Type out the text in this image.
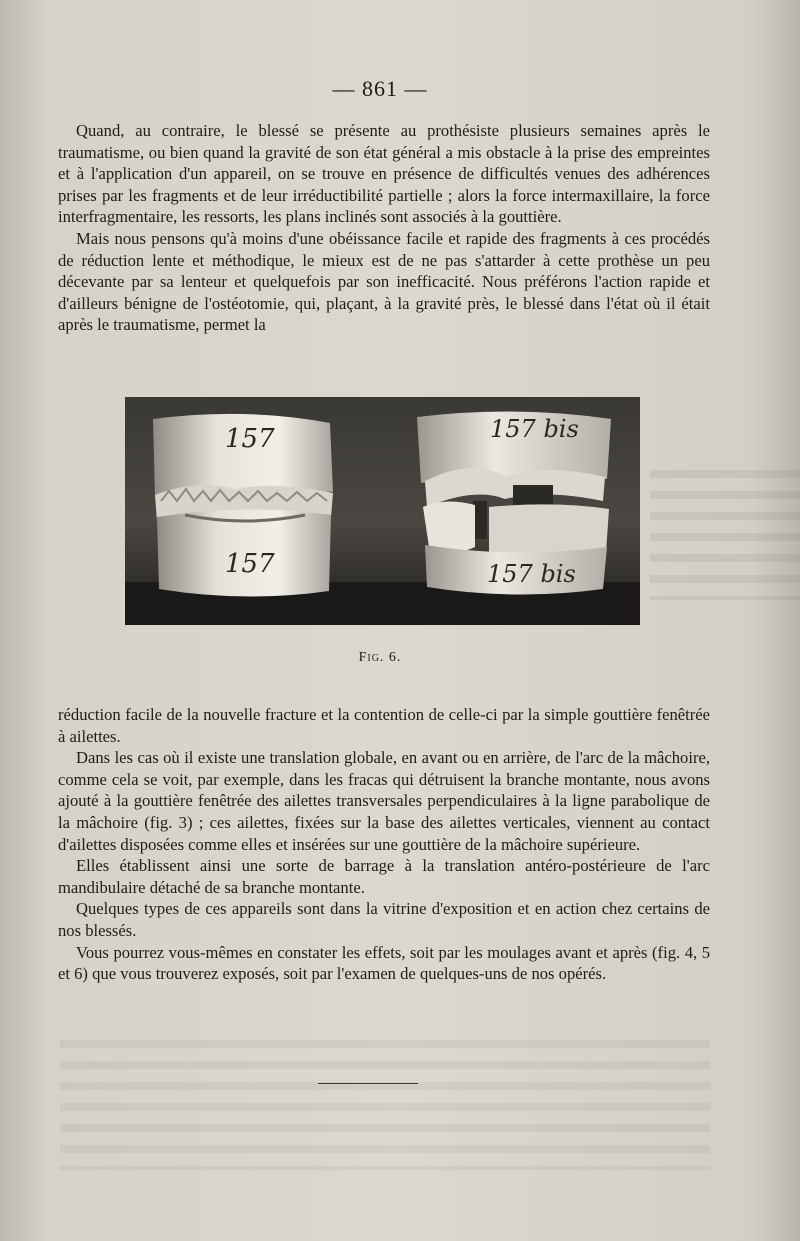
— 861 —

Quand, au contraire, le blessé se présente au prothésiste plusieurs semaines après le traumatisme, ou bien quand la gravité de son état général a mis obstacle à la prise des empreintes et à l'application d'un appareil, on se trouve en présence de difficultés venues des adhérences prises par les fragments et de leur irréductibilité partielle ; alors la force intermaxillaire, la force interfragmentaire, les ressorts, les plans inclinés sont associés à la gouttière.

Mais nous pensons qu'à moins d'une obéissance facile et rapide des fragments à ces procédés de réduction lente et méthodique, le mieux est de ne pas s'attarder à cette prothèse un peu décevante par sa lenteur et quelquefois par son inefficacité. Nous préférons l'action rapide et d'ailleurs bénigne de l'ostéotomie, qui, plaçant, à la gravité près, le blessé dans l'état où il était après le traumatisme, permet la

157
157
157 bis
157 bis
Fig. 6.

réduction facile de la nouvelle fracture et la contention de celle-ci par la simple gouttière fenêtrée à ailettes.

Dans les cas où il existe une translation globale, en avant ou en arrière, de l'arc de la mâchoire, comme cela se voit, par exemple, dans les fracas qui détruisent la branche montante, nous avons ajouté à la gouttière fenêtrée des ailettes transversales perpendiculaires à la ligne parabolique de la mâchoire (fig. 3) ; ces ailettes, fixées sur la base des ailettes verticales, viennent au contact d'ailettes disposées comme elles et insérées sur une gouttière de la mâchoire supérieure.

Elles établissent ainsi une sorte de barrage à la translation antéro-postérieure de l'arc mandibulaire détaché de sa branche montante.

Quelques types de ces appareils sont dans la vitrine d'exposition et en action chez certains de nos blessés.

Vous pourrez vous-mêmes en constater les effets, soit par les moulages avant et après (fig. 4, 5 et 6) que vous trouverez exposés, soit par l'examen de quelques-uns de nos opérés.
